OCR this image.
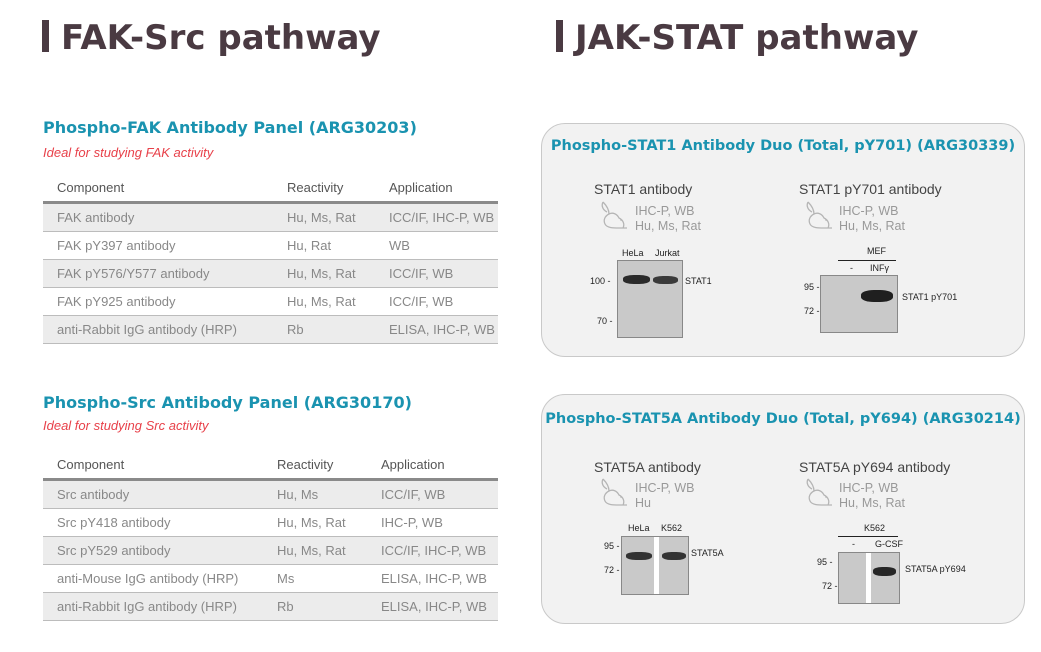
FAK-Src pathway	JAK-STAT pathway
Phospho-FAK Antibody Panel (ARG30203)
Ideal for studying FAK activity
Component	Reactivity	Application
FAK antibody	Hu, Ms, Rat	ICC/IF, IHC-P, WB
FAK pY397 antibody	Hu, Rat	WB
FAK pY576/Y577 antibody	Hu, Ms, Rat	ICC/IF, WB
FAK pY925 antibody	Hu, Ms, Rat	ICC/IF, WB
anti-Rabbit IgG antibody (HRP)	Rb	ELISA, IHC-P, WB
Phospho-Src Antibody Panel (ARG30170)
Ideal for studying Src activity
Component	Reactivity	Application
Src antibody	Hu, Ms	ICC/IF, WB
Src pY418 antibody	Hu, Ms, Rat	IHC-P, WB
Src pY529 antibody	Hu, Ms, Rat	ICC/IF, IHC-P, WB
anti-Mouse IgG antibody (HRP)	Ms	ELISA, IHC-P, WB
anti-Rabbit IgG antibody (HRP)	Rb	ELISA, IHC-P, WB
Phospho-STAT1 Antibody Duo (Total, pY701) (ARG30339)
STAT1 antibody
IHC-P, WB
Hu, Ms, Rat
HeLa Jurkat
100 -
70 -
STAT1
STAT1 pY701 antibody
IHC-P, WB
Hu, Ms, Rat
MEF
- INFγ
95 -
72 -
STAT1 pY701
Phospho-STAT5A Antibody Duo (Total, pY694) (ARG30214)
STAT5A antibody
IHC-P, WB
Hu
HeLa K562
95 -
72 -
STAT5A
STAT5A pY694 antibody
IHC-P, WB
Hu, Ms, Rat
K562
- G-CSF
95 -
72 -
STAT5A pY694
